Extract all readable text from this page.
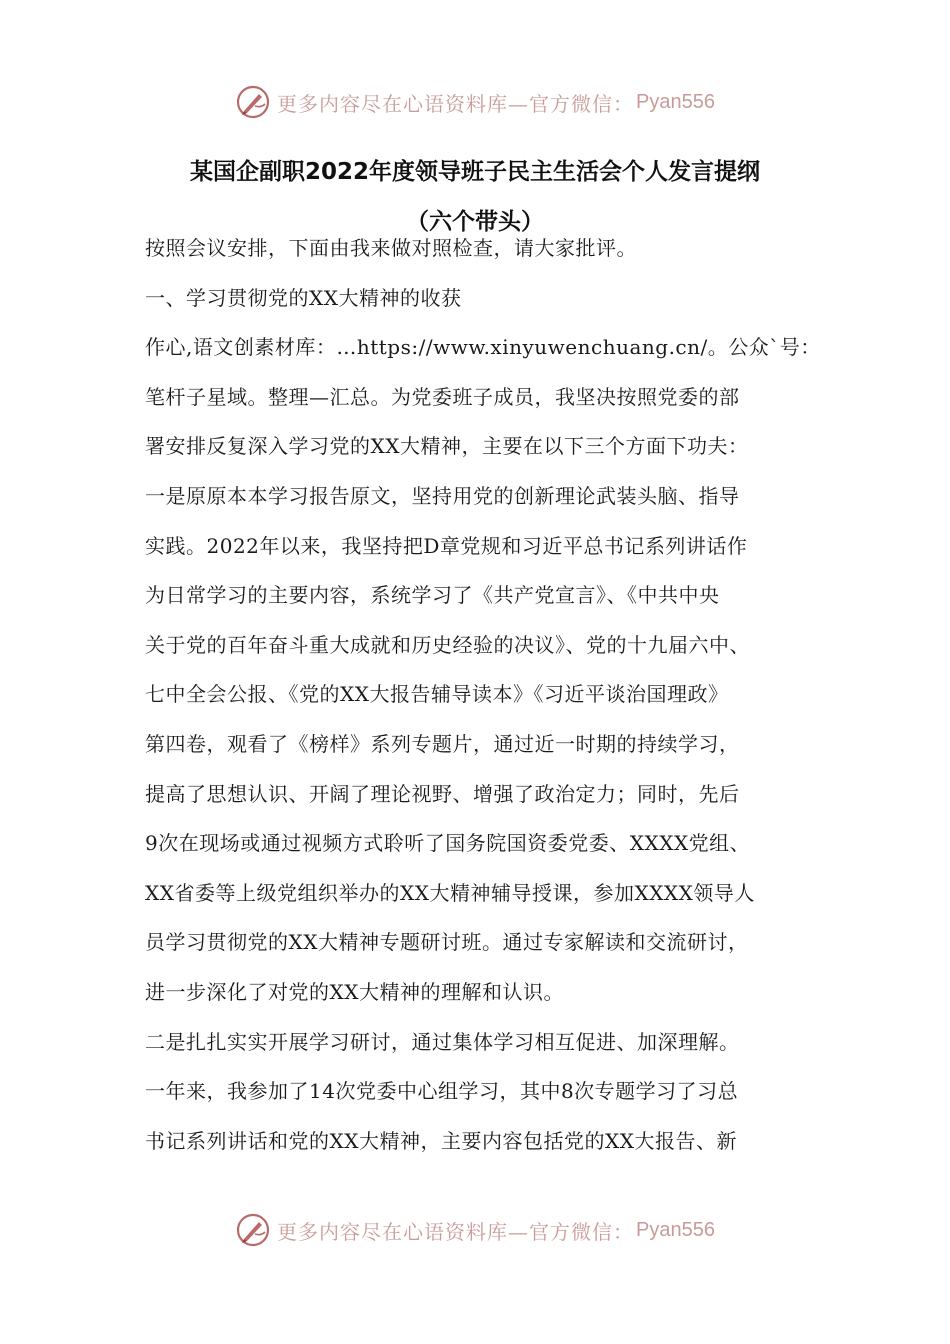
更多内容尽在心语资料库—官方微信： Pyan556
某国企副职2022年度领导班子民主生活会个人发言提纲
（六个带头）
按照会议安排，下面由我来做对照检查，请大家批评。
一、学习贯彻党的XX大精神的收获
作心,语文创素材库：…https://www.xinyuwenchuang.cn/。公众`号：
笔杆子星域。整理—汇总。为党委班子成员，我坚决按照党委的部
署安排反复深入学习党的XX大精神，主要在以下三个方面下功夫：
一是原原本本学习报告原文，坚持用党的创新理论武装头脑、指导
实践。2022年以来，我坚持把D章党规和习近平总书记系列讲话作
为日常学习的主要内容，系统学习了《共产党宣言》、《中共中央
关于党的百年奋斗重大成就和历史经验的决议》、党的十九届六中、
七中全会公报、《党的XX大报告辅导读本》《习近平谈治国理政》
第四卷，观看了《榜样》系列专题片，通过近一时期的持续学习，
提高了思想认识、开阔了理论视野、增强了政治定力；同时，先后
9次在现场或通过视频方式聆听了国务院国资委党委、XXXX党组、
XX省委等上级党组织举办的XX大精神辅导授课，参加XXXX领导人
员学习贯彻党的XX大精神专题研讨班。通过专家解读和交流研讨，
进一步深化了对党的XX大精神的理解和认识。
二是扎扎实实开展学习研讨，通过集体学习相互促进、加深理解。
一年来，我参加了14次党委中心组学习，其中8次专题学习了习总
书记系列讲话和党的XX大精神，主要内容包括党的XX大报告、新
更多内容尽在心语资料库—官方微信： Pyan556
